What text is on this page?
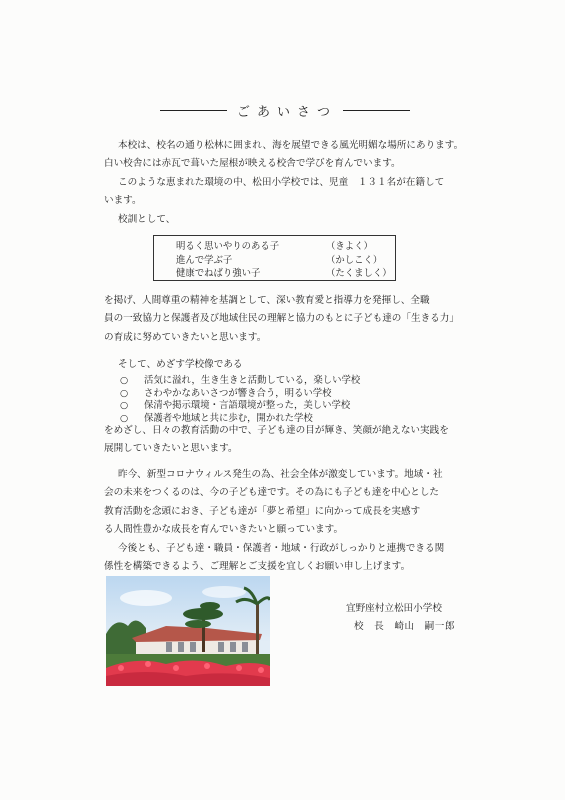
ごあいさつ
本校は、校名の通り松林に囲まれ、海を展望できる風光明媚な場所にあります。
白い校舎には赤瓦で葺いた屋根が映える校舎で学びを育んでいます。
このような恵まれた環境の中、松田小学校では、児童　１３１名が在籍して
います。
校訓として、
明るく思いやりのある子	（きよく）
進んで学ぶ子	（かしこく）
健康でねばり強い子	（たくましく）
を掲げ、人間尊重の精神を基調として、深い教育愛と指導力を発揮し、全職
員の一致協力と保護者及び地域住民の理解と協力のもとに子ども達の「生きる力」
の育成に努めていきたいと思います。
そして、めざす学校像である
○	活気に溢れ，生き生きと活動している，楽しい学校
○	さわやかなあいさつが響き合う，明るい学校
○	保清や掲示環境・言語環境が整った，美しい学校
○	保護者や地域と共に歩む，開かれた学校
をめざし、日々の教育活動の中で、子ども達の目が輝き、笑顔が絶えない実践を
展開していきたいと思います。
昨今、新型コロナウィルス発生の為、社会全体が激変しています。地域・社
会の未来をつくるのは、今の子ども達です。その為にも子ども達を中心とした
教育活動を念頭におき、子ども達が「夢と希望」に向かって成長を実感す
る人間性豊かな成長を育んでいきたいと願っています。
今後とも、子ども達・職員・保護者・地域・行政がしっかりと連携できる関
係性を構築できるよう、ご理解とご支援を宜しくお願い申し上げます。
宜野座村立松田小学校
校　長　崎山　嗣一郎
